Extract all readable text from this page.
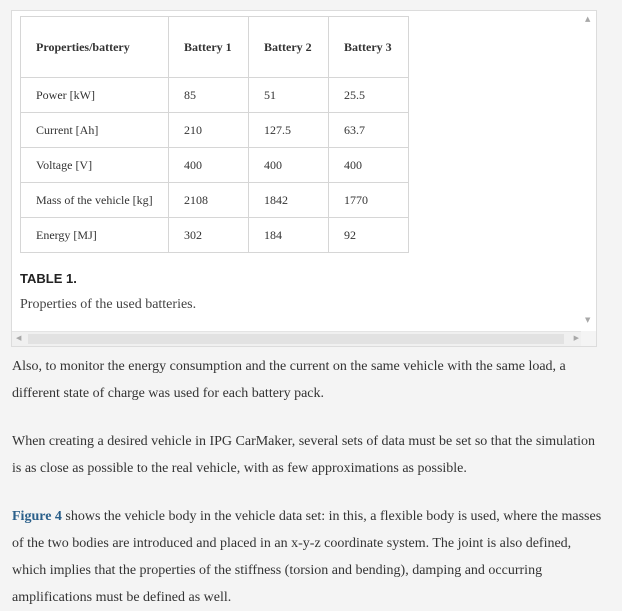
Properties/battery	Battery 1	Battery 2	Battery 3
Power [kW]	85	51	25.5
Current [Ah]	210	127.5	63.7
Voltage [V]	400	400	400
Mass of the vehicle [kg]	2108	1842	1770
Energy [MJ]	302	184	92
TABLE 1.
Properties of the used batteries.
▲
▼
◀	▶

Also, to monitor the energy consumption and the current on the same vehicle with the same load, a different state of charge was used for each battery pack.

When creating a desired vehicle in IPG CarMaker, several sets of data must be set so that the simulation is as close as possible to the real vehicle, with as few approximations as possible.

Figure 4 shows the vehicle body in the vehicle data set: in this, a flexible body is used, where the masses of the two bodies are introduced and placed in an x-y-z coordinate system. The joint is also defined, which implies that the properties of the stiffness (torsion and bending), damping and occurring amplifications must be defined as well.
